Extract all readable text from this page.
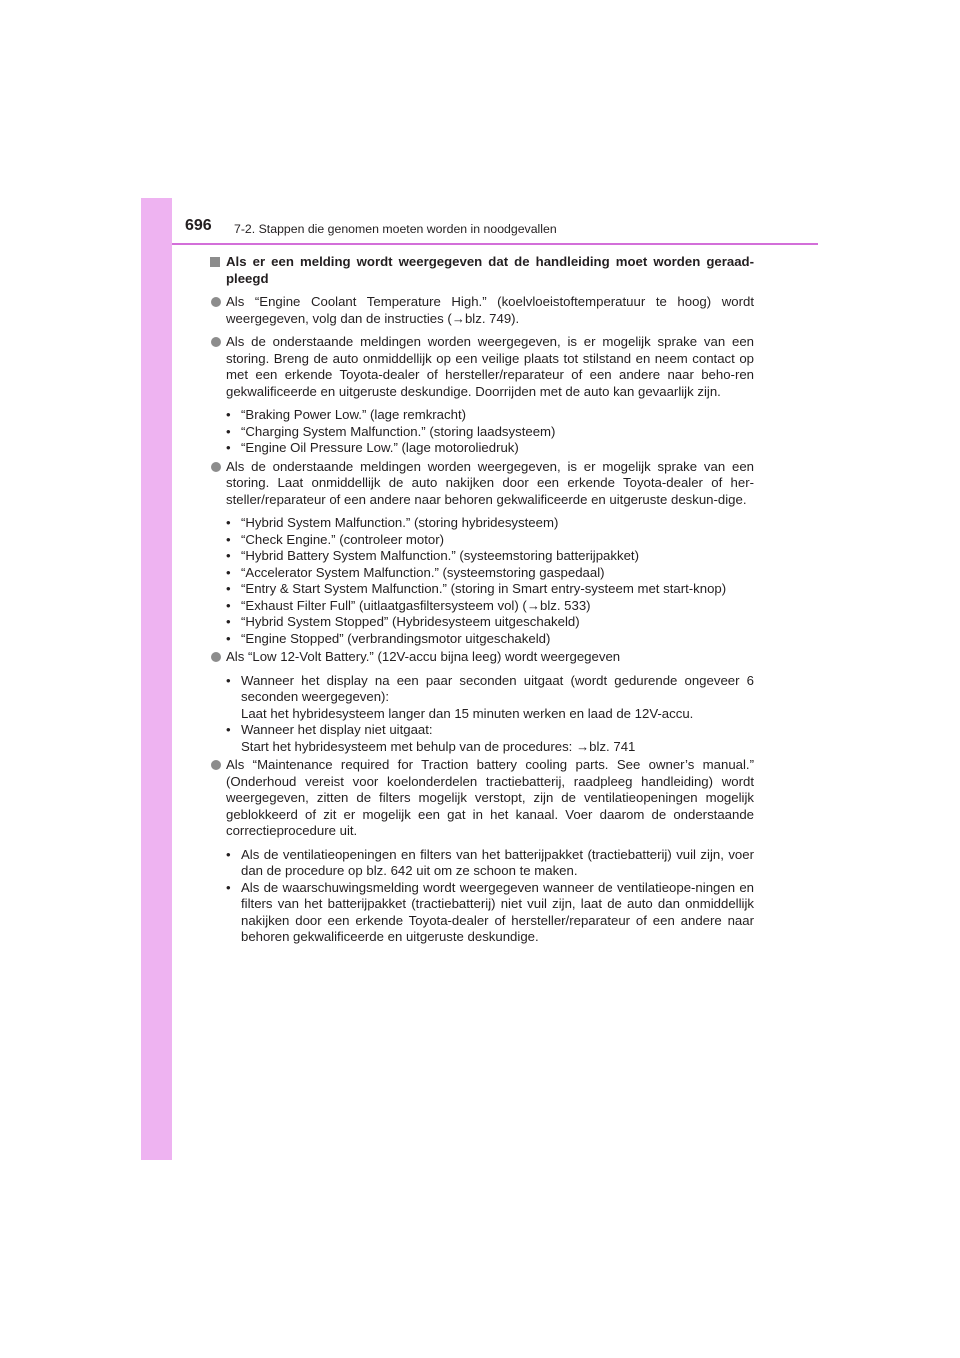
696 7-2. Stappen die genomen moeten worden in noodgevallen
Als er een melding wordt weergegeven dat de handleiding moet worden geraad-pleegd
Als “Engine Coolant Temperature High.” (koelvloeistoftemperatuur te hoog) wordt weergegeven, volg dan de instructies (→blz. 749).
Als de onderstaande meldingen worden weergegeven, is er mogelijk sprake van een storing. Breng de auto onmiddellijk op een veilige plaats tot stilstand en neem contact op met een erkende Toyota-dealer of hersteller/reparateur of een andere naar beho-ren gekwalificeerde en uitgeruste deskundige. Doorrijden met de auto kan gevaarlijk zijn.
• “Braking Power Low.” (lage remkracht)
• “Charging System Malfunction.” (storing laadsysteem)
• “Engine Oil Pressure Low.” (lage motoroliedruk)
Als de onderstaande meldingen worden weergegeven, is er mogelijk sprake van een storing. Laat onmiddellijk de auto nakijken door een erkende Toyota-dealer of her-steller/reparateur of een andere naar behoren gekwalificeerde en uitgeruste deskun-dige.
• “Hybrid System Malfunction.” (storing hybridesysteem)
• “Check Engine.” (controleer motor)
• “Hybrid Battery System Malfunction.” (systeemstoring batterijpakket)
• “Accelerator System Malfunction.” (systeemstoring gaspedaal)
• “Entry & Start System Malfunction.” (storing in Smart entry-systeem met start-knop)
• “Exhaust Filter Full” (uitlaatgasfiltersysteem vol) (→blz. 533)
• “Hybrid System Stopped” (Hybridesysteem uitgeschakeld)
• “Engine Stopped” (verbrandingsmotor uitgeschakeld)
Als “Low 12-Volt Battery.” (12V-accu bijna leeg) wordt weergegeven
• Wanneer het display na een paar seconden uitgaat (wordt gedurende ongeveer 6 seconden weergegeven):
Laat het hybridesysteem langer dan 15 minuten werken en laad de 12V-accu.
• Wanneer het display niet uitgaat:
Start het hybridesysteem met behulp van de procedures: →blz. 741
Als “Maintenance required for Traction battery cooling parts. See owner’s manual.” (Onderhoud vereist voor koelonderdelen tractiebatterij, raadpleeg handleiding) wordt weergegeven, zitten de filters mogelijk verstopt, zijn de ventilatieopeningen mogelijk geblokkeerd of zit er mogelijk een gat in het kanaal. Voer daarom de onderstaande correctieprocedure uit.
• Als de ventilatieopeningen en filters van het batterijpakket (tractiebatterij) vuil zijn, voer dan de procedure op blz. 642 uit om ze schoon te maken.
• Als de waarschuwingsmelding wordt weergegeven wanneer de ventilatieope-ningen en filters van het batterijpakket (tractiebatterij) niet vuil zijn, laat de auto dan onmiddellijk nakijken door een erkende Toyota-dealer of hersteller/reparateur of een andere naar behoren gekwalificeerde en uitgeruste deskundige.
